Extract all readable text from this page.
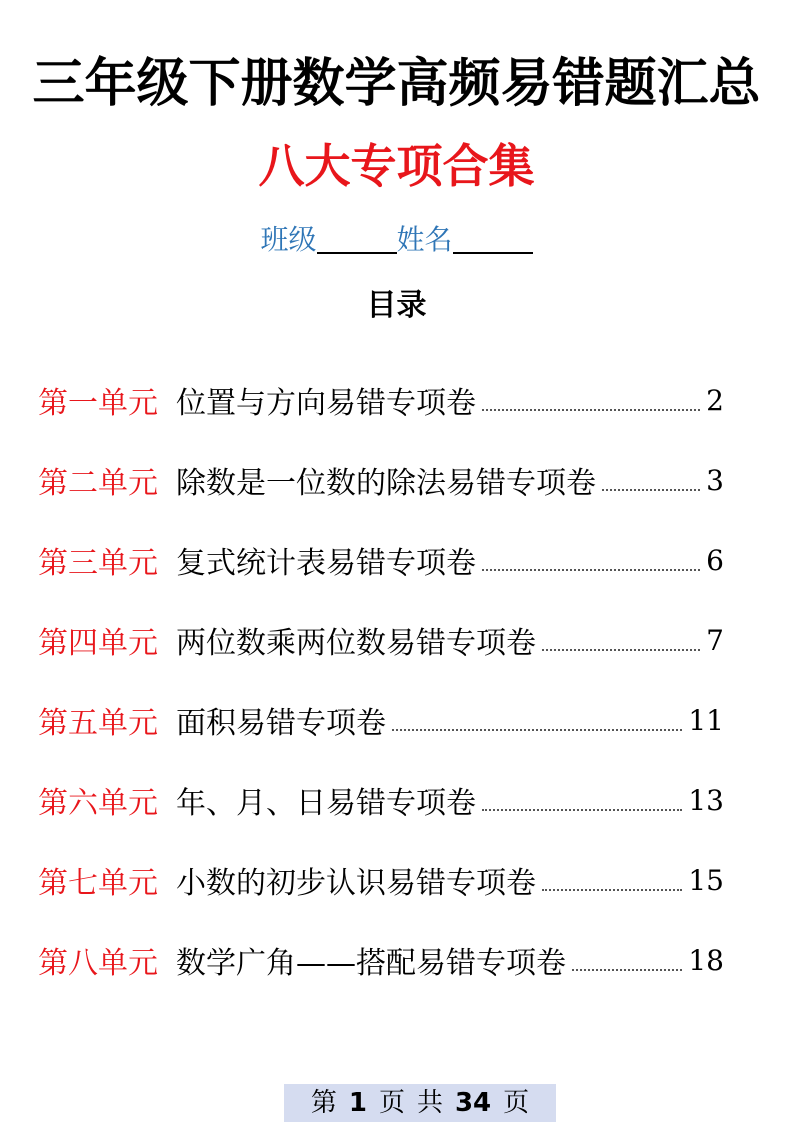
三年级下册数学高频易错题汇总
八大专项合集
班级	姓名
目录
第一单元 位置与方向易错专项卷	2
第二单元 除数是一位数的除法易错专项卷	3
第三单元 复式统计表易错专项卷	6
第四单元 两位数乘两位数易错专项卷	7
第五单元 面积易错专项卷	11
第六单元 年、月、日易错专项卷	13
第七单元 小数的初步认识易错专项卷	15
第八单元 数学广角——搭配易错专项卷	18
第 1 页 共 34 页
